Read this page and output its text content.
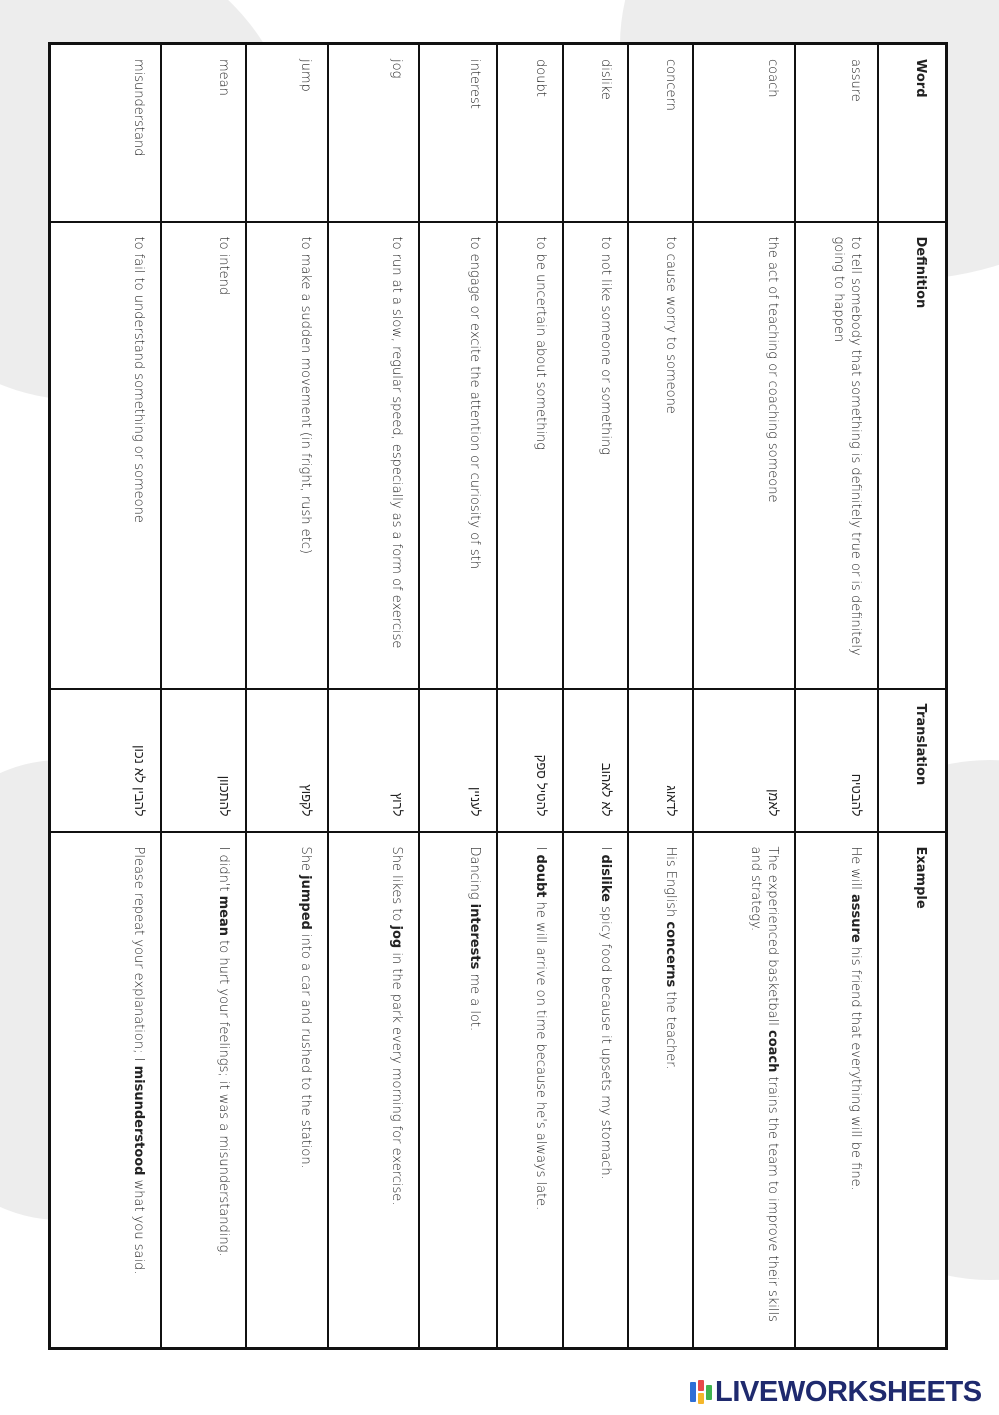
Word	Definition	Translation	Example
assure	to tell somebody that something is definitely true or is definitely going to happen	להבטיח	He will assure his friend that everything will be fine.
coach	the act of teaching or coaching someone	לאמן	The experienced basketball coach trains the team to improve their skills and strategy.
concern	to cause worry to someone	לדאוג	His English concerns the teacher.
dislike	to not like someone or something	לא לאהוב	I dislike spicy food because it upsets my stomach.
doubt	to be uncertain about something	להטיל ספק	I doubt he will arrive on time because he's always late.
interest	to engage or excite the attention or curiosity of sth	לעניין	Dancing interests me a lot.
jog	to run at a slow, regular speed, especially as a form of exercise	לרוץ	She likes to jog in the park every morning for exercise.
jump	to make a sudden movement (in fright, rush etc)	לקפוץ	She jumped into a car and rushed to the station.
mean	to intend	להתכוון	I didn't mean to hurt your feelings; it was a misunderstanding.
misunderstand	to fail to understand something or someone	להבין לא נכון	Please repeat your explanation; I misunderstood what you said.
LIVEWORKSHEETS
